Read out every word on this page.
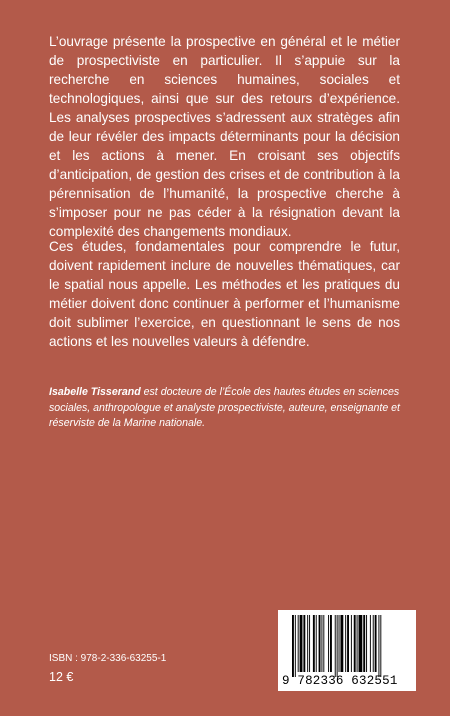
L’ouvrage présente la prospective en général et le métier de prospectiviste en particulier. Il s’appuie sur la recherche en sciences humaines, sociales et technologiques, ainsi que sur des retours d’expérience. Les analyses prospectives s’adressent aux stratèges afin de leur révéler des impacts déterminants pour la décision et les actions à mener. En croisant ses objectifs d’anticipation, de gestion des crises et de contribution à la pérennisation de l’humanité, la prospective cherche à s’imposer pour ne pas céder à la résignation devant la complexité des changements mondiaux.

Ces études, fondamentales pour comprendre le futur, doivent rapidement inclure de nouvelles thématiques, car le spatial nous appelle. Les méthodes et les pratiques du métier doivent donc continuer à performer et l’humanisme doit sublimer l’exercice, en questionnant le sens de nos actions et les nouvelles valeurs à défendre.

Isabelle Tisserand est docteure de l’École des hautes études en sciences sociales, anthropologue et analyste prospectiviste, auteure, enseignante et réserviste de la Marine nationale.

ISBN : 978-2-336-63255-1
12 €	9 782336 632551
